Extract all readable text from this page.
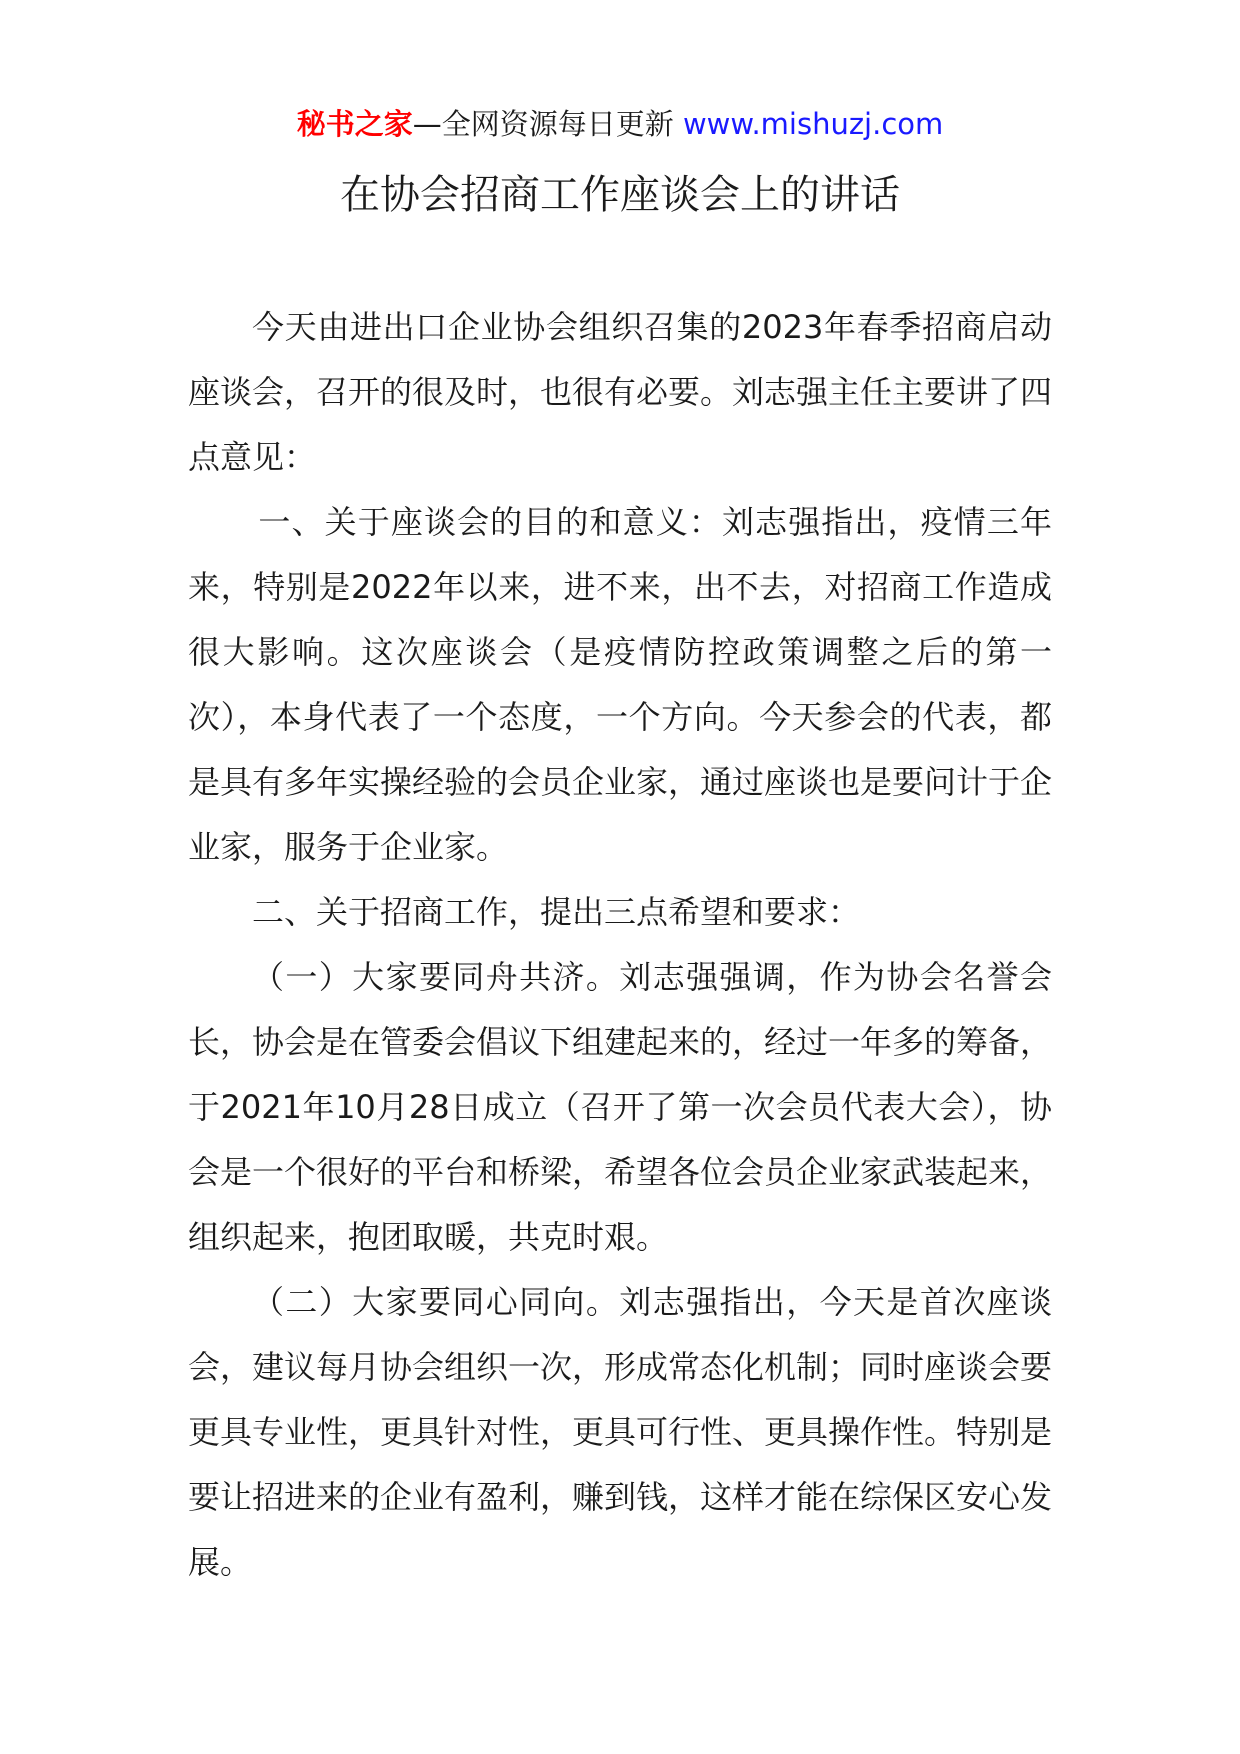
秘书之家—全网资源每日更新 www.mishuzj.com
在协会招商工作座谈会上的讲话

今天由进出口企业协会组织召集的2023年春季招商启动座谈会，召开的很及时，也很有必要。刘志强主任主要讲了四点意见：

一、关于座谈会的目的和意义：刘志强指出，疫情三年来，特别是2022年以来，进不来，出不去，对招商工作造成很大影响。这次座谈会（是疫情防控政策调整之后的第一次），本身代表了一个态度，一个方向。今天参会的代表，都是具有多年实操经验的会员企业家，通过座谈也是要问计于企业家，服务于企业家。

二、关于招商工作，提出三点希望和要求：

（一）大家要同舟共济。刘志强强调，作为协会名誉会长，协会是在管委会倡议下组建起来的，经过一年多的筹备，于2021年10月28日成立（召开了第一次会员代表大会），协会是一个很好的平台和桥梁，希望各位会员企业家武装起来，组织起来，抱团取暖，共克时艰。

（二）大家要同心同向。刘志强指出，今天是首次座谈会，建议每月协会组织一次，形成常态化机制；同时座谈会要更具专业性，更具针对性，更具可行性、更具操作性。特别是要让招进来的企业有盈利，赚到钱，这样才能在综保区安心发展。
